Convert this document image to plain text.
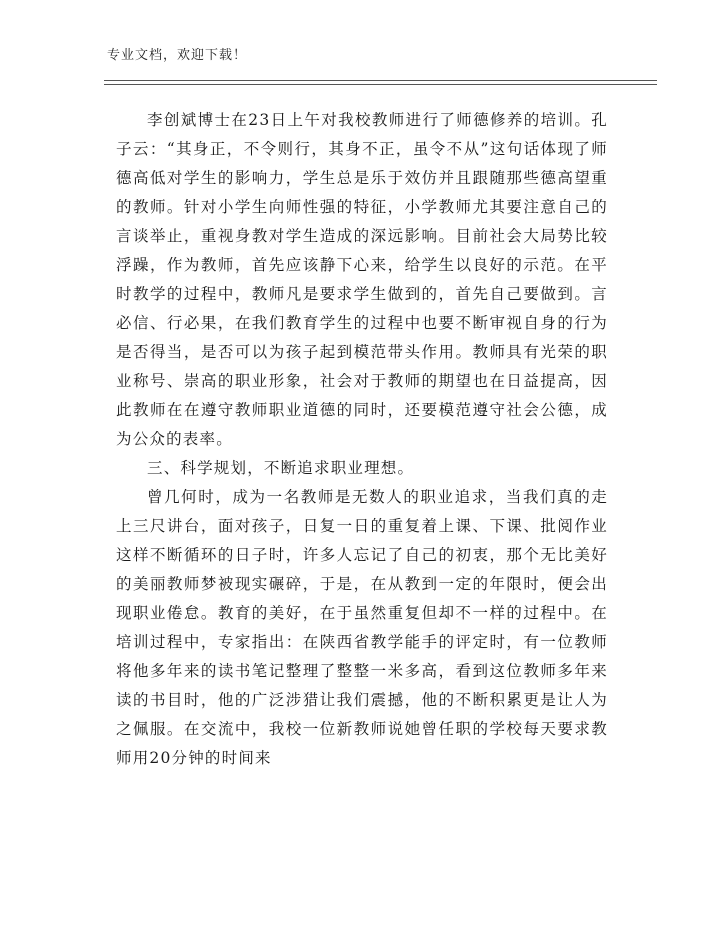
专业文档，欢迎下载！

李创斌博士在23日上午对我校教师进行了师德修养的培训。孔子云：“其身正，不令则行，其身不正，虽令不从”这句话体现了师德高低对学生的影响力，学生总是乐于效仿并且跟随那些德高望重的教师。针对小学生向师性强的特征，小学教师尤其要注意自己的言谈举止，重视身教对学生造成的深远影响。目前社会大局势比较浮躁，作为教师，首先应该静下心来，给学生以良好的示范。在平时教学的过程中，教师凡是要求学生做到的，首先自己要做到。言必信、行必果，在我们教育学生的过程中也要不断审视自身的行为是否得当，是否可以为孩子起到模范带头作用。教师具有光荣的职业称号、崇高的职业形象，社会对于教师的期望也在日益提高，因此教师在在遵守教师职业道德的同时，还要模范遵守社会公德，成为公众的表率。

三、科学规划，不断追求职业理想。

曾几何时，成为一名教师是无数人的职业追求，当我们真的走上三尺讲台，面对孩子，日复一日的重复着上课、下课、批阅作业这样不断循环的日子时，许多人忘记了自己的初衷，那个无比美好的美丽教师梦被现实碾碎，于是，在从教到一定的年限时，便会出现职业倦怠。教育的美好，在于虽然重复但却不一样的过程中。在培训过程中，专家指出：在陕西省教学能手的评定时，有一位教师将他多年来的读书笔记整理了整整一米多高，看到这位教师多年来读的书目时，他的广泛涉猎让我们震撼，他的不断积累更是让人为之佩服。在交流中，我校一位新教师说她曾任职的学校每天要求教师用20分钟的时间来
